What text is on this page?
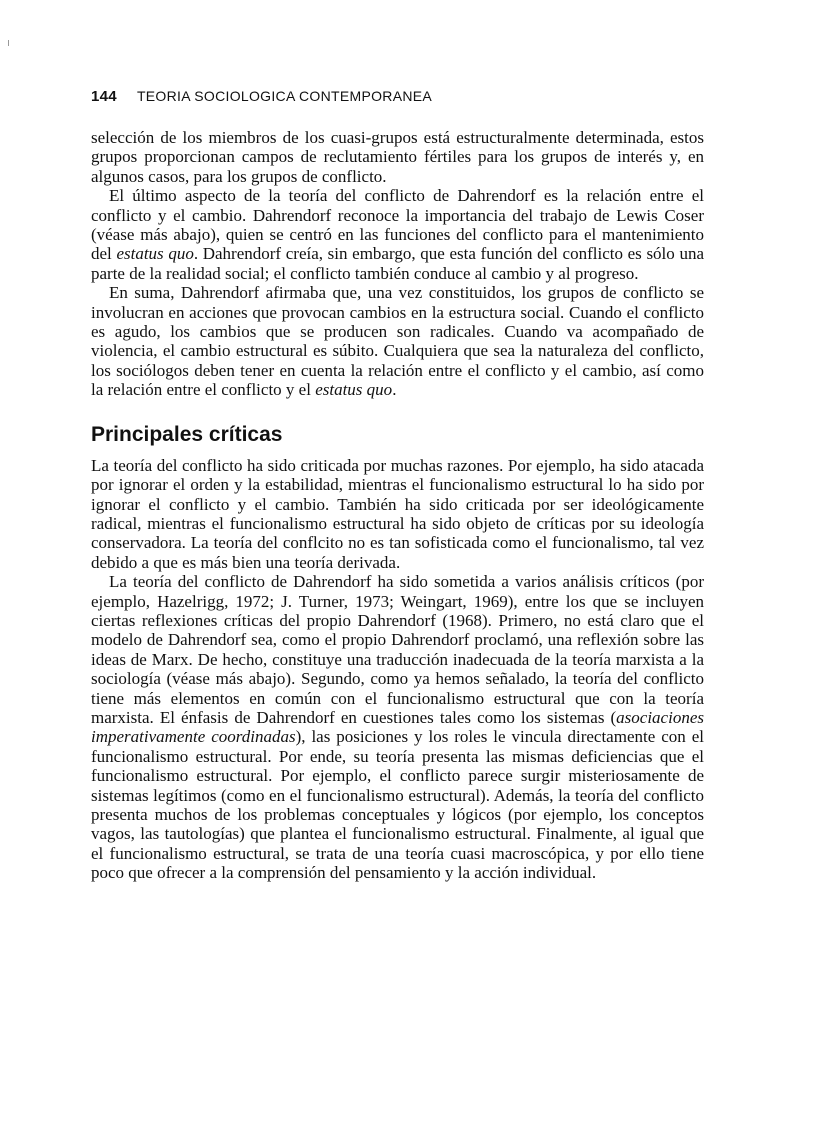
144 TEORIA SOCIOLOGICA CONTEMPORANEA

selección de los miembros de los cuasi-grupos está estructuralmente determinada, estos grupos proporcionan campos de reclutamiento fértiles para los grupos de interés y, en algunos casos, para los grupos de conflicto.

El último aspecto de la teoría del conflicto de Dahrendorf es la relación entre el conflicto y el cambio. Dahrendorf reconoce la importancia del trabajo de Lewis Coser (véase más abajo), quien se centró en las funciones del conflicto para el mantenimiento del estatus quo. Dahrendorf creía, sin embargo, que esta función del conflicto es sólo una parte de la realidad social; el conflicto también conduce al cambio y al progreso.

En suma, Dahrendorf afirmaba que, una vez constituidos, los grupos de conflicto se involucran en acciones que provocan cambios en la estructura social. Cuando el conflicto es agudo, los cambios que se producen son radicales. Cuando va acompañado de violencia, el cambio estructural es súbito. Cualquiera que sea la naturaleza del conflicto, los sociólogos deben tener en cuenta la relación entre el conflicto y el cambio, así como la relación entre el conflicto y el estatus quo.

Principales críticas

La teoría del conflicto ha sido criticada por muchas razones. Por ejemplo, ha sido atacada por ignorar el orden y la estabilidad, mientras el funcionalismo estructural lo ha sido por ignorar el conflicto y el cambio. También ha sido criticada por ser ideológicamente radical, mientras el funcionalismo estructural ha sido objeto de críticas por su ideología conservadora. La teoría del conflcito no es tan sofisticada como el funcionalismo, tal vez debido a que es más bien una teoría derivada.

La teoría del conflicto de Dahrendorf ha sido sometida a varios análisis críticos (por ejemplo, Hazelrigg, 1972; J. Turner, 1973; Weingart, 1969), entre los que se incluyen ciertas reflexiones críticas del propio Dahrendorf (1968). Primero, no está claro que el modelo de Dahrendorf sea, como el propio Dahrendorf proclamó, una reflexión sobre las ideas de Marx. De hecho, constituye una traducción inadecuada de la teoría marxista a la sociología (véase más abajo). Segundo, como ya hemos señalado, la teoría del conflicto tiene más elementos en común con el funcionalismo estructural que con la teoría marxista. El énfasis de Dahrendorf en cuestiones tales como los sistemas (asociaciones imperativamente coordinadas), las posiciones y los roles le vincula directamente con el funcionalismo estructural. Por ende, su teoría presenta las mismas deficiencias que el funcionalismo estructural. Por ejemplo, el conflicto parece surgir misteriosamente de sistemas legítimos (como en el funcionalismo estructural). Además, la teoría del conflicto presenta muchos de los problemas conceptuales y lógicos (por ejemplo, los conceptos vagos, las tautologías) que plantea el funcionalismo estructural. Finalmente, al igual que el funcionalismo estructural, se trata de una teoría cuasi macroscópica, y por ello tiene poco que ofrecer a la comprensión del pensamiento y la acción individual.
